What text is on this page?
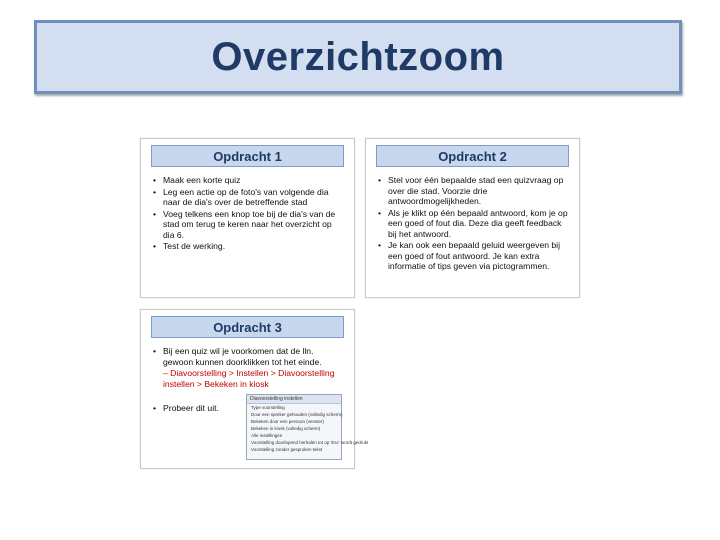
Overzichtzoom
Opdracht 1
• Maak een korte quiz
• Leg een actie op de foto's van volgende dia naar de dia's over de betreffende stad
• Voeg telkens een knop toe bij de dia's van de stad om terug te keren naar het overzicht op dia 6.
• Test de werking.
Opdracht 2
• Stel voor één bepaalde stad een quizvraag op over die stad. Voorzie drie antwoordmogelijkheden.
• Als je klikt op één bepaald antwoord, kom je op een goed of fout dia. Deze dia geeft feedback bij het antwoord.
• Je kan ook een bepaald geluid weergeven bij een goed of fout antwoord. Je kan extra informatie of tips geven via pictogrammen.
Opdracht 3
• Bij een quiz wil je voorkomen dat de lln. gewoon kunnen doorklikken tot het einde.
– Diavoorstelling > Instellen > Diavoorstelling instellen > Bekeken in kiosk
• Probeer dit uit.
Diavoorstelling instellen
Type voorstelling
Door een spreker gehouden (volledig scherm)
Bekeken door een persoon (venster)
Bekeken in kiosk (volledig scherm)
Alle instellingen
Voorstelling doorlopend herhalen tot op 'Esc' wordt gedrukt
Voorstelling zonder gesproken tekst
